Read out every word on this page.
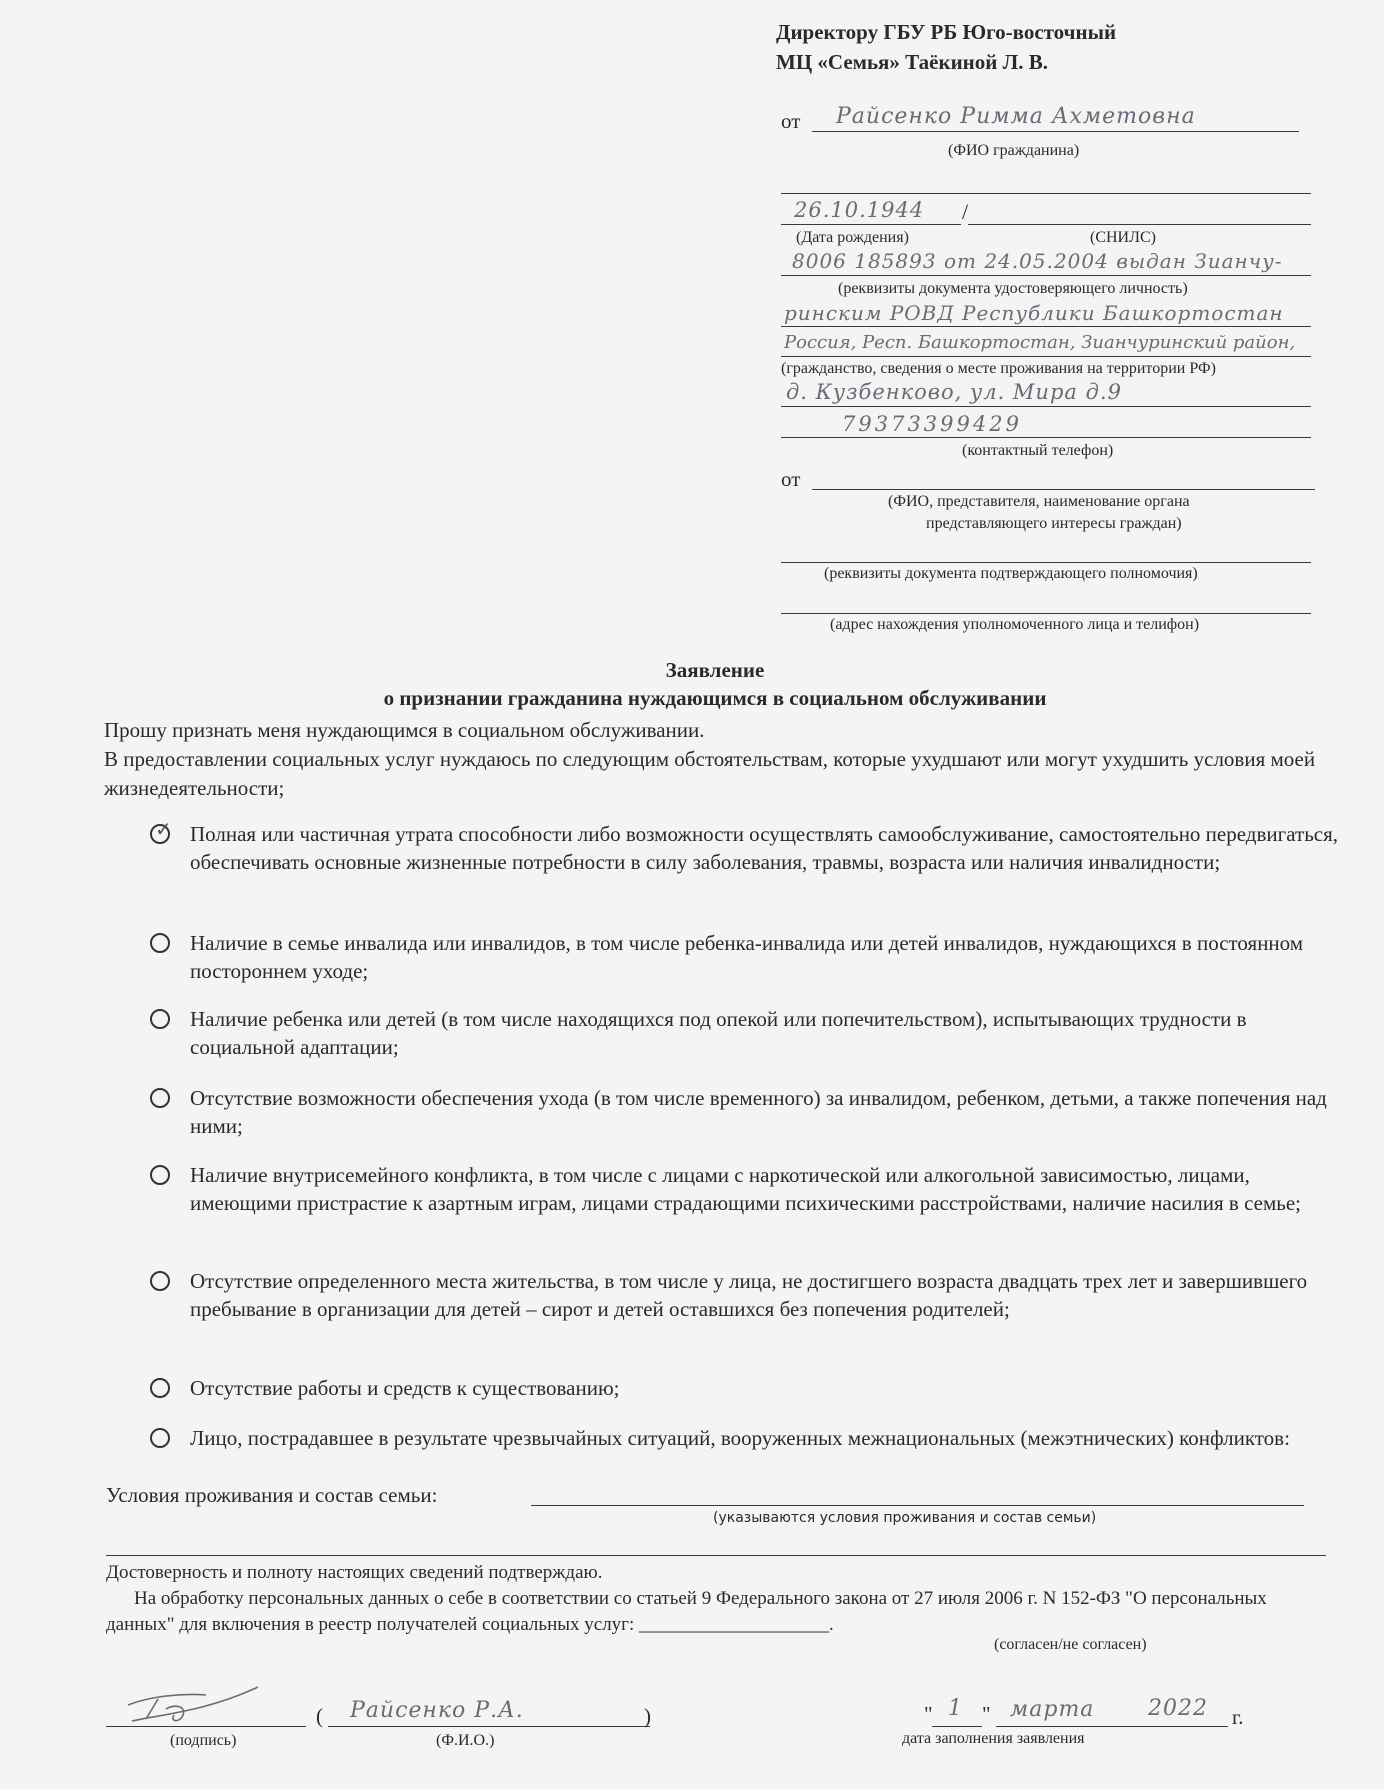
Директору ГБУ РБ Юго-восточный
МЦ «Семья» Таёкиной Л. В.
от Райсенко Римма Ахметовна
(ФИО гражданина)
26.10.1944 /
(Дата рождения)	(СНИЛС)
8006 185893 от 24.05.2004 выдан Зианчу-
(реквизиты документа удостоверяющего личность)
ринским РОВД Республики Башкортостан
Россия, Респ. Башкортостан, Зианчуринский район,
(гражданство, сведения о месте проживания на территории РФ)
д. Кузбенково, ул. Мира д.9
79373399429
(контактный телефон)
от
(ФИО, представителя, наименование органа
представляющего интересы граждан)
(реквизиты документа подтверждающего полномочия)
(адрес нахождения уполномоченного лица и телифон)
Заявление
о признании гражданина нуждающимся в социальном обслуживании
Прошу признать меня нуждающимся в социальном обслуживании.
В предоставлении социальных услуг нуждаюсь по следующим обстоятельствам, которые ухудшают или могут ухудшить условия моей жизнедеятельности;
✓
Полная или частичная утрата способности либо возможности осуществлять самообслуживание, самостоятельно передвигаться, обеспечивать основные жизненные потребности в силу заболевания, травмы, возраста или наличия инвалидности;
Наличие в семье инвалида или инвалидов, в том числе ребенка-инвалида или детей инвалидов, нуждающихся в постоянном постороннем уходе;
Наличие ребенка или детей (в том числе находящихся под опекой или попечительством), испытывающих трудности в социальной адаптации;
Отсутствие возможности обеспечения ухода (в том числе временного) за инвалидом, ребенком, детьми, а также попечения над ними;
Наличие внутрисемейного конфликта, в том числе с лицами с наркотической или алкогольной зависимостью, лицами, имеющими пристрастие к азартным играм, лицами страдающими психическими расстройствами, наличие насилия в семье;
Отсутствие определенного места жительства, в том числе у лица, не достигшего возраста двадцать трех лет и завершившего пребывание в организации для детей – сирот и детей оставшихся без попечения родителей;
Отсутствие работы и средств к существованию;
Лицо, пострадавшее в результате чрезвычайных ситуаций, вооруженных межнациональных (межэтнических) конфликтов:
Условия проживания и состав семьи:
(указываются условия проживания и состав семьи)
Достоверность и полноту настоящих сведений подтверждаю.
На обработку персональных данных о себе в соответствии со статьей 9 Федерального закона от 27 июля 2006 г. N 152-ФЗ "О персональных данных" для включения в реестр получателей социальных услуг: ____________________.
(согласен/не согласен)
(подпись)
( Райсенко Р.А.	)
(Ф.И.О.)
" 1 " марта 2022 г.
дата заполнения заявления
